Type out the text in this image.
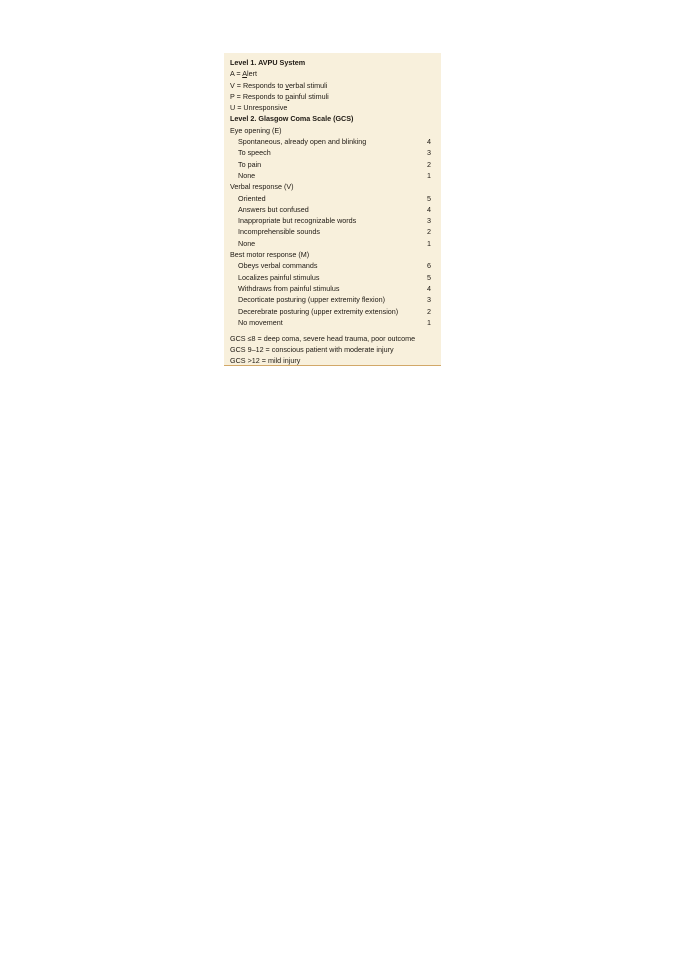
Level 1. AVPU System
A = Alert
V = Responds to verbal stimuli
P = Responds to painful stimuli
U = Unresponsive
Level 2. Glasgow Coma Scale (GCS)
Eye opening (E)
Spontaneous, already open and blinking	4
To speech	3
To pain	2
None	1
Verbal response (V)
Oriented	5
Answers but confused	4
Inappropriate but recognizable words	3
Incomprehensible sounds	2
None	1
Best motor response (M)
Obeys verbal commands	6
Localizes painful stimulus	5
Withdraws from painful stimulus	4
Decorticate posturing (upper extremity flexion)	3
Decerebrate posturing (upper extremity extension)	2
No movement	1
GCS ≤8 = deep coma, severe head trauma, poor outcome
GCS 9–12 = conscious patient with moderate injury
GCS >12 = mild injury
